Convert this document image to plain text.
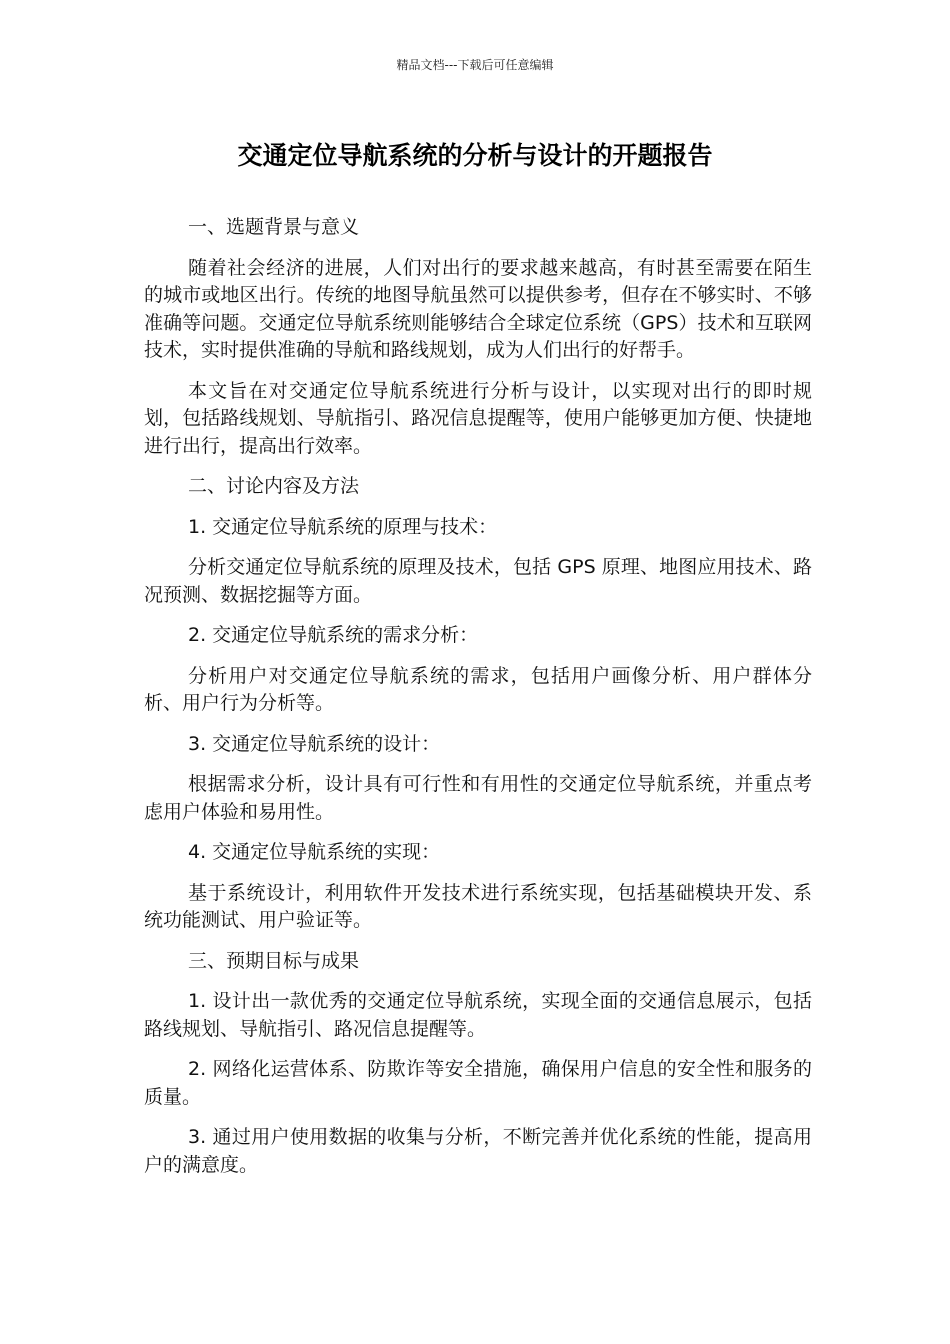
精品文档---下载后可任意编辑
交通定位导航系统的分析与设计的开题报告

一、选题背景与意义

随着社会经济的进展，人们对出行的要求越来越高，有时甚至需要在陌生的城市或地区出行。传统的地图导航虽然可以提供参考，但存在不够实时、不够准确等问题。交通定位导航系统则能够结合全球定位系统（GPS）技术和互联网技术，实时提供准确的导航和路线规划，成为人们出行的好帮手。

本文旨在对交通定位导航系统进行分析与设计，以实现对出行的即时规划，包括路线规划、导航指引、路况信息提醒等，使用户能够更加方便、快捷地进行出行，提高出行效率。

二、讨论内容及方法

1. 交通定位导航系统的原理与技术：

分析交通定位导航系统的原理及技术，包括 GPS 原理、地图应用技术、路况预测、数据挖掘等方面。

2. 交通定位导航系统的需求分析：

分析用户对交通定位导航系统的需求，包括用户画像分析、用户群体分析、用户行为分析等。

3. 交通定位导航系统的设计：

根据需求分析，设计具有可行性和有用性的交通定位导航系统，并重点考虑用户体验和易用性。

4. 交通定位导航系统的实现：

基于系统设计，利用软件开发技术进行系统实现，包括基础模块开发、系统功能测试、用户验证等。

三、预期目标与成果

1. 设计出一款优秀的交通定位导航系统，实现全面的交通信息展示，包括路线规划、导航指引、路况信息提醒等。

2. 网络化运营体系、防欺诈等安全措施，确保用户信息的安全性和服务的质量。

3. 通过用户使用数据的收集与分析，不断完善并优化系统的性能，提高用户的满意度。
